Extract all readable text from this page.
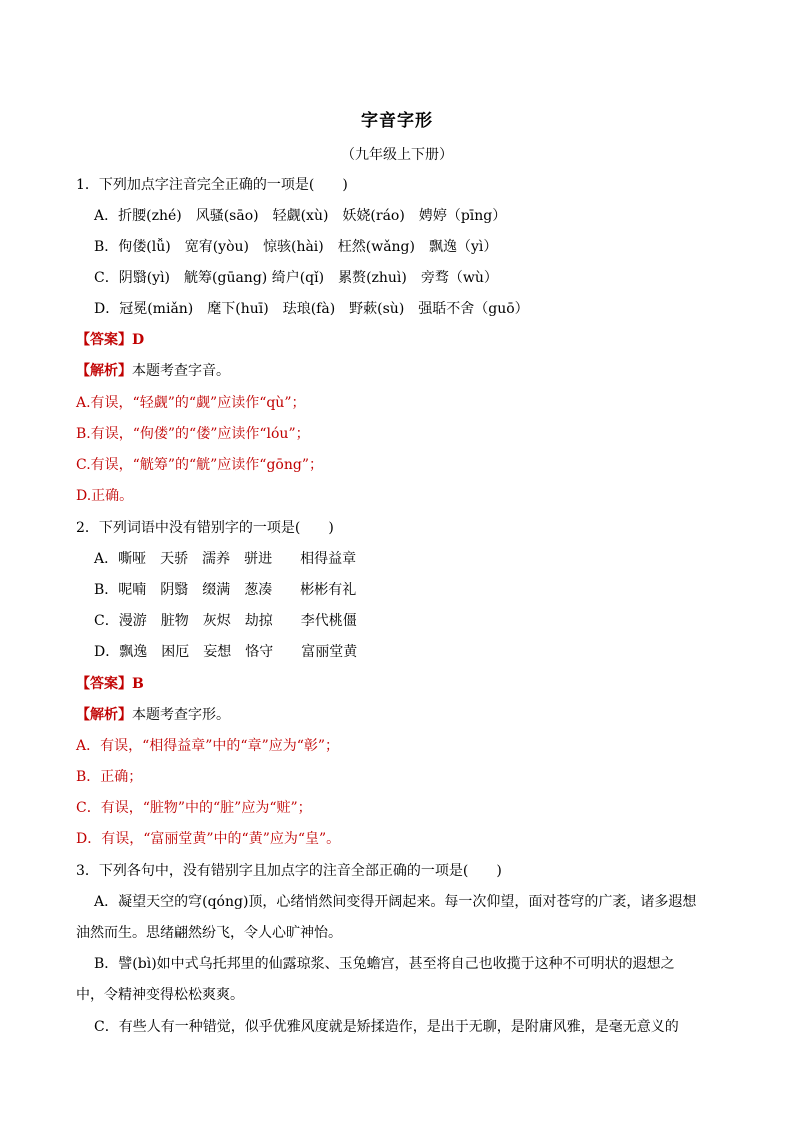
字音字形
（九年级上下册）
1．下列加点字注音完全正确的一项是(　　)
A．折腰(zhé)　风骚(sāo)　轻觑(xù)　妖娆(ráo)　娉婷（pīng）
B．佝偻(lǚ)　宽宥(yòu)　惊骇(hài)　枉然(wǎng)　飘逸（yì）
C．阴翳(yì)　觥筹(gūang) 绮户(qǐ)　累赘(zhuì)　旁骛（wù）
D．冠冕(miǎn)　麾下(huī)　珐琅(fà)　野蔌(sù)　强聒不舍（guō）
【答案】D
【解析】本题考查字音。
A.有误，“轻觑”的“觑”应读作“qù”；
B.有误，“佝偻”的“偻”应读作“lóu”；
C.有误，“觥筹”的“觥”应读作“gōng”；
D.正确。
2．下列词语中没有错别字的一项是(　　)
A．嘶哑　天骄　濡养　骈进　　相得益章
B．呢喃　阴翳　缀满　葱凑　　彬彬有礼
C．漫游　脏物　灰烬　劫掠　　李代桃僵
D．飘逸　困厄　妄想　恪守　　富丽堂黄
【答案】B
【解析】本题考查字形。
A．有误，“相得益章”中的“章”应为“彰”；
B．正确；
C．有误，“脏物”中的“脏”应为“赃”；
D．有误，“富丽堂黄”中的“黄”应为“皇”。
3．下列各句中，没有错别字且加点字的注音全部正确的一项是(　　)
A．凝望天空的穹(qóng)顶，心绪悄然间变得开阔起来。每一次仰望，面对苍穹的广袤，诸多遐想
油然而生。思绪翩然纷飞，令人心旷神怡。
B．譬(bì)如中式乌托邦里的仙露琼浆、玉兔蟾宫，甚至将自己也收揽于这种不可明状的遐想之
中，令精神变得松松爽爽。
C．有些人有一种错觉，似乎优雅风度就是矫揉造作，是出于无聊，是附庸风雅，是毫无意义的
